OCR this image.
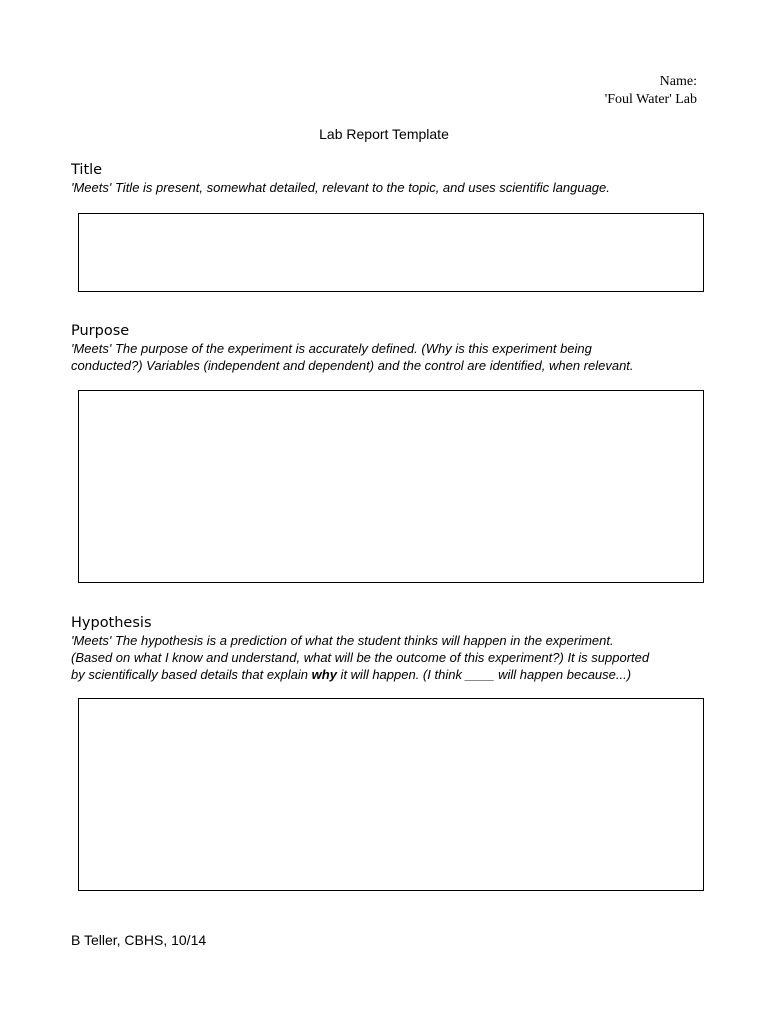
Name:
'Foul Water' Lab
Lab Report Template
Title
'Meets' Title is present, somewhat detailed, relevant to the topic, and uses scientific language.
Purpose
'Meets' The purpose of the experiment is accurately defined. (Why is this experiment being
conducted?) Variables (independent and dependent) and the control are identified, when relevant.
Hypothesis
'Meets' The hypothesis is a prediction of what the student thinks will happen in the experiment.
(Based on what I know and understand, what will be the outcome of this experiment?) It is supported
by scientifically based details that explain why it will happen. (I think ____ will happen because...)
B Teller, CBHS, 10/14
